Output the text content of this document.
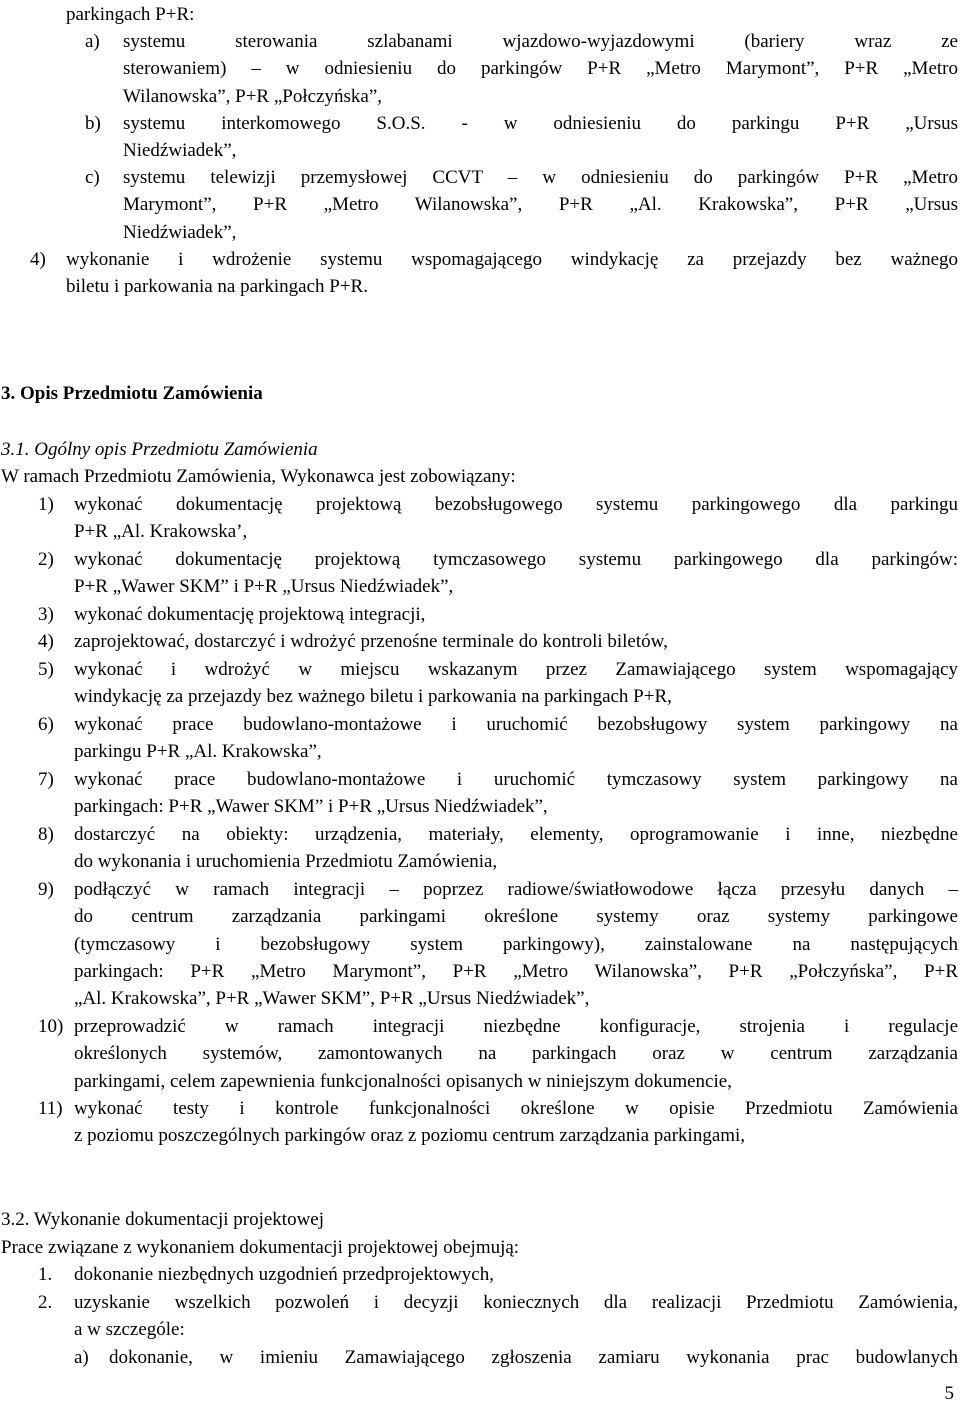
parkingach P+R:
a)	systemu sterowania szlabanami wjazdowo-wyjazdowymi (bariery wraz ze
sterowaniem) – w odniesieniu do parkingów P+R „Metro Marymont”, P+R „Metro
Wilanowska”, P+R „Połczyńska”,
b)	systemu interkomowego S.O.S. - w odniesieniu do parkingu P+R „Ursus
Niedźwiadek”,
c)	systemu telewizji przemysłowej CCVT – w odniesieniu do parkingów P+R „Metro
Marymont”, P+R „Metro Wilanowska”, P+R „Al. Krakowska”, P+R „Ursus
Niedźwiadek”,
4)	wykonanie i wdrożenie systemu wspomagającego windykację za przejazdy bez ważnego
biletu i parkowania na parkingach P+R.
3. Opis Przedmiotu Zamówienia
3.1. Ogólny opis Przedmiotu Zamówienia
W ramach Przedmiotu Zamówienia, Wykonawca jest zobowiązany:
1)	wykonać dokumentację projektową bezobsługowego systemu parkingowego dla parkingu
P+R „Al. Krakowska’,
2)	wykonać dokumentację projektową tymczasowego systemu parkingowego dla parkingów:
P+R „Wawer SKM” i P+R „Ursus Niedźwiadek”,
3)	wykonać dokumentację projektową integracji,
4)	zaprojektować, dostarczyć i wdrożyć przenośne terminale do kontroli biletów,
5)	wykonać i wdrożyć w miejscu wskazanym przez Zamawiającego system wspomagający
windykację za przejazdy bez ważnego biletu i parkowania na parkingach P+R,
6)	wykonać prace budowlano-montażowe i uruchomić bezobsługowy system parkingowy na
parkingu P+R „Al. Krakowska”,
7)	wykonać prace budowlano-montażowe i uruchomić tymczasowy system parkingowy na
parkingach: P+R „Wawer SKM” i P+R „Ursus Niedźwiadek”,
8)	dostarczyć na obiekty: urządzenia, materiały, elementy, oprogramowanie i inne, niezbędne
do wykonania i uruchomienia Przedmiotu Zamówienia,
9)	podłączyć w ramach integracji – poprzez radiowe/światłowodowe łącza przesyłu danych –
do centrum zarządzania parkingami określone systemy oraz systemy parkingowe
(tymczasowy i bezobsługowy system parkingowy), zainstalowane na następujących
parkingach: P+R „Metro Marymont”, P+R „Metro Wilanowska”, P+R „Połczyńska”, P+R
„Al. Krakowska”, P+R „Wawer SKM”, P+R „Ursus Niedźwiadek”,
10) przeprowadzić w ramach integracji niezbędne konfiguracje, strojenia i regulacje
określonych systemów, zamontowanych na parkingach oraz w centrum zarządzania
parkingami, celem zapewnienia funkcjonalności opisanych w niniejszym dokumencie,
11) wykonać testy i kontrole funkcjonalności określone w opisie Przedmiotu Zamówienia
z poziomu poszczególnych parkingów oraz z poziomu centrum zarządzania parkingami,
3.2. Wykonanie dokumentacji projektowej
Prace związane z wykonaniem dokumentacji projektowej obejmują:
1.	dokonanie niezbędnych uzgodnień przedprojektowych,
2.	uzyskanie wszelkich pozwoleń i decyzji koniecznych dla realizacji Przedmiotu Zamówienia,
a w szczególe:
a)	dokonanie, w imieniu Zamawiającego zgłoszenia zamiaru wykonania prac budowlanych
5
